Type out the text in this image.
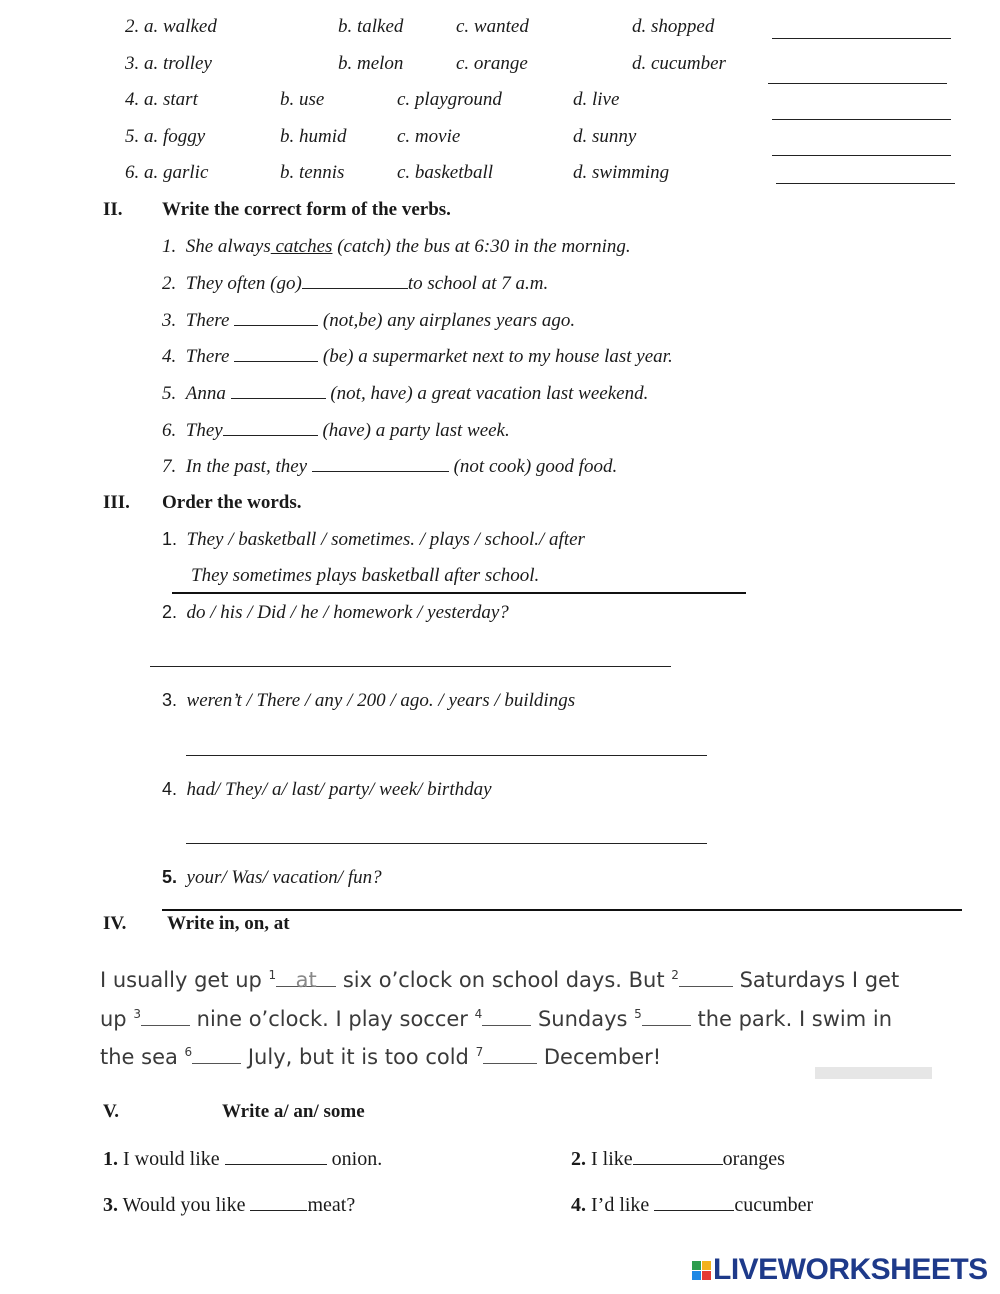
2. a. walked	b. talked	c. wanted	d. shopped
3. a. trolley	b. melon	c. orange	d. cucumber
4. a. start	b. use	c. playground	d. live
5. a. foggy	b. humid	c. movie	d. sunny
6. a. garlic	b. tennis	c. basketball	d. swimming
II. Write the correct form of the verbs.
1. She always catches (catch) the bus at 6:30 in the morning.
2. They often (go)	to school at 7 a.m.
3. There	(not,be) any airplanes years ago.
4. There	(be) a supermarket next to my house last year.
5. Anna	(not, have) a great vacation last weekend.
6. They	(have) a party last week.
7. In the past, they	(not cook) good food.
III. Order the words.
1. They / basketball / sometimes. / plays / school./ after
They sometimes plays basketball after school.
2. do / his / Did / he / homework / yesterday?
3. weren’t / There / any / 200 / ago. / years / buildings
4. had/ They/ a/ last/ party/ week/ birthday
5. your/ Was/ vacation/ fun?
IV. Write in, on, at
I usually get up $^1$ at six o’clock on school days. But $^2$	Saturdays I get
up $^3$ nine o’clock. I play soccer $^4$ Sundays $^5$ the park. I swim in
the sea $^6$ July, but it is too cold $^7$	December!
V.	Write a/ an/ some
1. I would like	onion.	2. I like	oranges
3. Would you like	meat?	4. I’d like	cucumber
LIVEWORKSHEETS
